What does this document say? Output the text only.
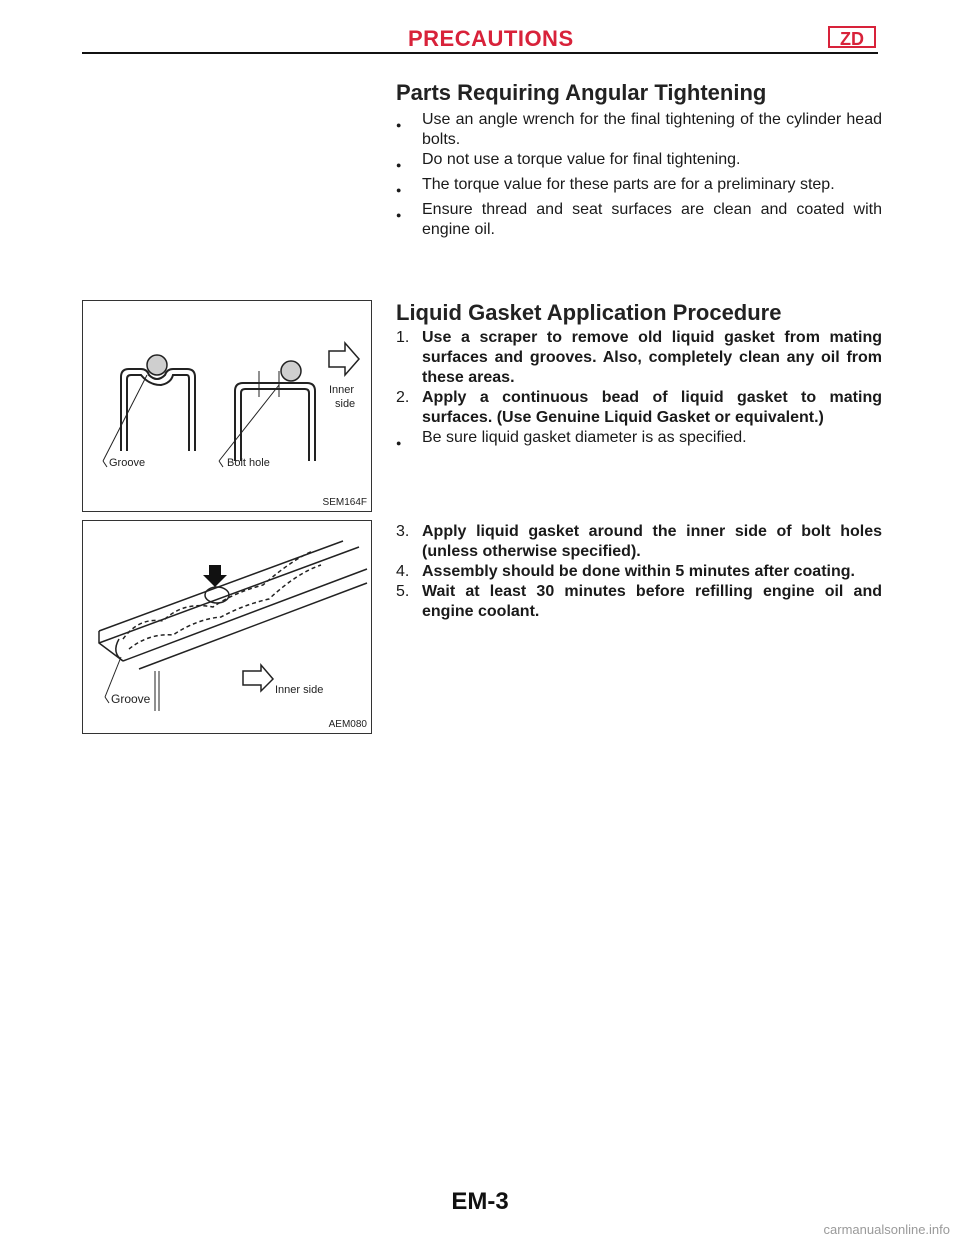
PRECAUTIONS	ZD
Parts Requiring Angular Tightening
●	Use an angle wrench for the final tightening of the cylinder head bolts.
●	Do not use a torque value for final tightening.
●	The torque value for these parts are for a preliminary step.
●	Ensure thread and seat surfaces are clean and coated with engine oil.
Liquid Gasket Application Procedure
1. Use a scraper to remove old liquid gasket from mating surfaces and grooves. Also, completely clean any oil from these areas.
2. Apply a continuous bead of liquid gasket to mating surfaces. (Use Genuine Liquid Gasket or equivalent.)
●	Be sure liquid gasket diameter is as specified.
3. Apply liquid gasket around the inner side of bolt holes (unless otherwise specified).
4. Assembly should be done within 5 minutes after coating.
5. Wait at least 30 minutes before refilling engine oil and engine coolant.
Groove	Bolt hole
Inner
side
SEM164F
Groove
Inner side
AEM080
EM-3
carmanualsonline.info
